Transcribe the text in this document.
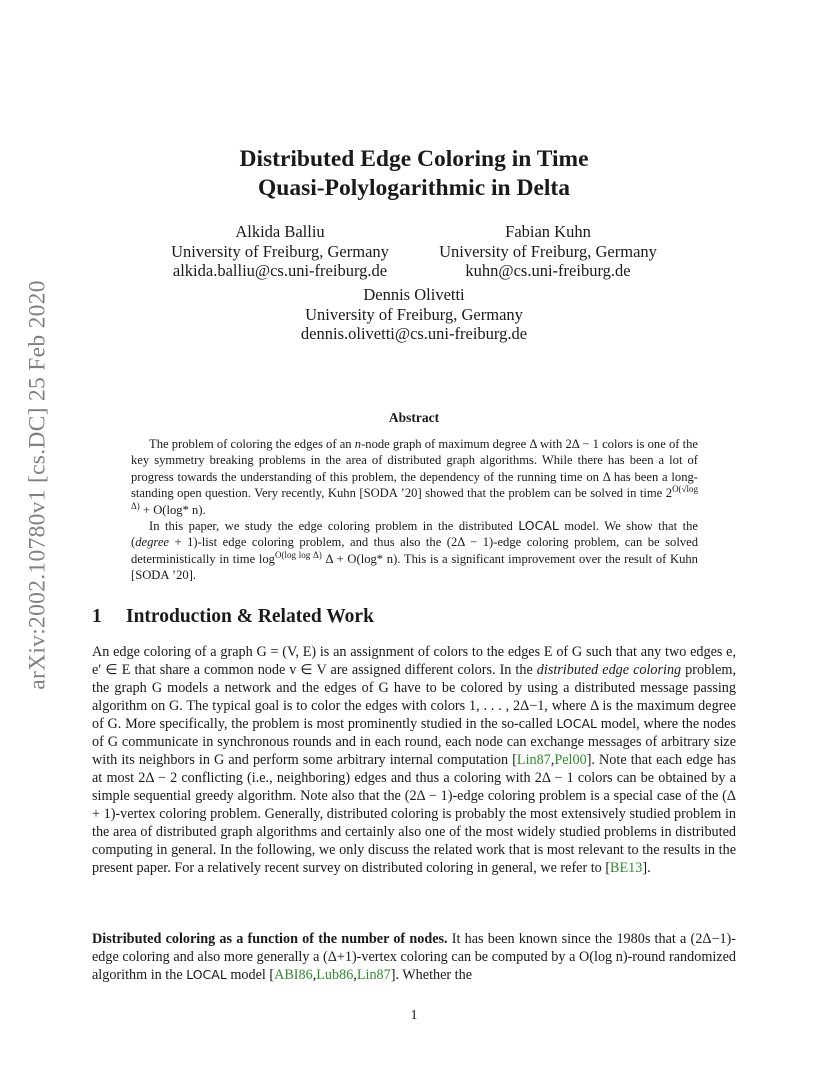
arXiv:2002.10780v1 [cs.DC] 25 Feb 2020
Distributed Edge Coloring in Time
Quasi-Polylogarithmic in Delta
Alkida Balliu
University of Freiburg, Germany
alkida.balliu@cs.uni-freiburg.de
Fabian Kuhn
University of Freiburg, Germany
kuhn@cs.uni-freiburg.de
Dennis Olivetti
University of Freiburg, Germany
dennis.olivetti@cs.uni-freiburg.de
Abstract

The problem of coloring the edges of an n-node graph of maximum degree Δ with 2Δ − 1 colors is one of the key symmetry breaking problems in the area of distributed graph algorithms. While there has been a lot of progress towards the understanding of this problem, the dependency of the running time on Δ has been a long-standing open question. Very recently, Kuhn [SODA ’20] showed that the problem can be solved in time $2^{O(√log \Delta)} + O(\log*$ n).

In this paper, we study the edge coloring problem in the distributed LOCAL model. We show that the (degree + 1)-list edge coloring problem, and thus also the (2Δ − 1)-edge coloring problem, can be solved deterministically in time $\log^{O(log log \Delta)} \Delta + O(\log*$ n). This is a significant improvement over the result of Kuhn [SODA ’20].

1 Introduction & Related Work

An edge coloring of a graph G = (V, E) is an assignment of colors to the edges E of G such that any two edges e, e′ ∈ E that share a common node v ∈ V are assigned different colors. In the distributed edge coloring problem, the graph G models a network and the edges of G have to be colored by using a distributed message passing algorithm on G. The typical goal is to color the edges with colors 1, . . . , 2Δ−1, where Δ is the maximum degree of G. More specifically, the problem is most prominently studied in the so-called LOCAL model, where the nodes of G communicate in synchronous rounds and in each round, each node can exchange messages of arbitrary size with its neighbors in G and perform some arbitrary internal computation [Lin87,Pel00]. Note that each edge has at most 2Δ − 2 conflicting (i.e., neighboring) edges and thus a coloring with 2Δ − 1 colors can be obtained by a simple sequential greedy algorithm. Note also that the (2Δ − 1)-edge coloring problem is a special case of the (Δ + 1)-vertex coloring problem. Generally, distributed coloring is probably the most extensively studied problem in the area of distributed graph algorithms and certainly also one of the most widely studied problems in distributed computing in general. In the following, we only discuss the related work that is most relevant to the results in the present paper. For a relatively recent survey on distributed coloring in general, we refer to [BE13].

Distributed coloring as a function of the number of nodes. It has been known since the 1980s that a (2Δ−1)-edge coloring and also more generally a (Δ+1)-vertex coloring can be computed by a O(log n)-round randomized algorithm in the LOCAL model [ABI86,Lub86,Lin87]. Whether the

1
